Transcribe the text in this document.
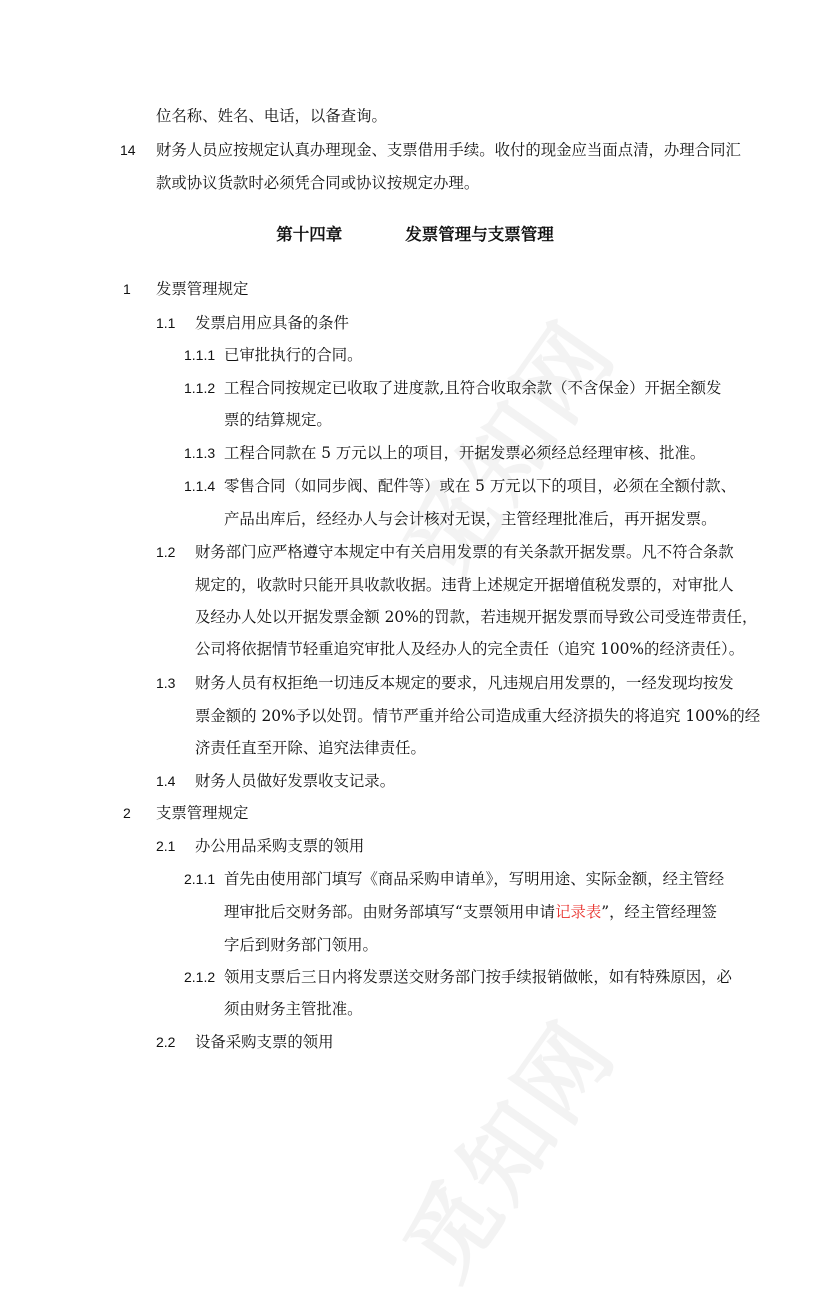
位名称、姓名、电话，以备查询。
14 财务人员应按规定认真办理现金、支票借用手续。收付的现金应当面点清，办理合同汇
款或协议货款时必须凭合同或协议按规定办理。
第十四章    发票管理与支票管理
1 发票管理规定
1.1 发票启用应具备的条件
1.1.1 已审批执行的合同。
1.1.2 工程合同按规定已收取了进度款,且符合收取余款（不含保金）开据全额发
票的结算规定。
1.1.3 工程合同款在 5 万元以上的项目，开据发票必须经总经理审核、批准。
1.1.4 零售合同（如同步阀、配件等）或在 5 万元以下的项目，必须在全额付款、
产品出库后，经经办人与会计核对无误，主管经理批准后，再开据发票。
1.2 财务部门应严格遵守本规定中有关启用发票的有关条款开据发票。凡不符合条款
规定的，收款时只能开具收款收据。违背上述规定开据增值税发票的，对审批人
及经办人处以开据发票金额 20%的罚款，若违规开据发票而导致公司受连带责任，
公司将依据情节轻重追究审批人及经办人的完全责任（追究 100%的经济责任）。
1.3 财务人员有权拒绝一切违反本规定的要求，凡违规启用发票的，一经发现均按发
票金额的 20%予以处罚。情节严重并给公司造成重大经济损失的将追究 100%的经
济责任直至开除、追究法律责任。
1.4 财务人员做好发票收支记录。
2 支票管理规定
2.1 办公用品采购支票的领用
2.1.1 首先由使用部门填写《商品采购申请单》，写明用途、实际金额，经主管经
理审批后交财务部。由财务部填写“支票领用申请记录表”，经主管经理签
字后到财务部门领用。
2.1.2 领用支票后三日内将发票送交财务部门按手续报销做帐，如有特殊原因，必
须由财务主管批准。
2.2 设备采购支票的领用
